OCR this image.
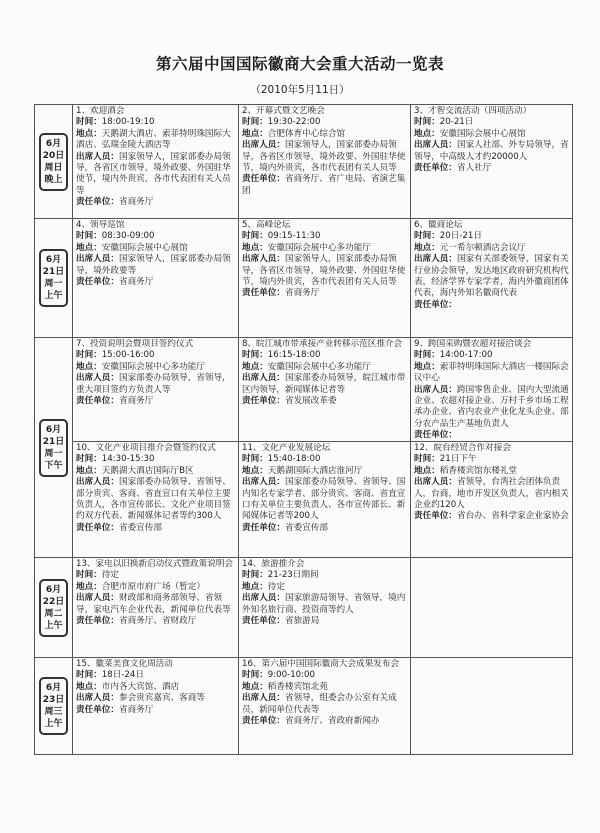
第六届中国国际徽商大会重大活动一览表
（2010年5月11日）
6月20日
周日
晚上	1、欢迎酒会
时间：18:00-19:10
地点：天鹅湖大酒店、索菲特明珠国际大酒店、弘瑞金陵大酒店等
出席人员：国家领导人，国家部委办局领导，各省区市领导，境外政要、外国驻华使节，境内外贵宾，各市代表团有关人员等
责任单位：省商务厅	2、开幕式暨文艺晚会
时间：19:30-22:00
地点：合肥体育中心综合馆
出席人员：国家领导人，国家部委办局领导，各省区市领导，境外政要、外国驻华使节，境内外贵宾，各市代表团有关人员等
责任单位：省商务厅、省广电局、省演艺集团	3、才智交流活动（四项活动）
时间：20-21日
地点：安徽国际会展中心展馆
出席人员：国家人社部、外专局领导，省领导，中高级人才约20000人
责任单位：省人社厅

6月21日
周一
上午	4、领导巡馆
时间：08:30-09:00
地点：安徽国际会展中心展馆
出席人员：国家领导人，国家部委办局领导，境外政要等
责任单位：省商务厅	5、高峰论坛
时间：09:15-11:30
地点：安徽国际会展中心多功能厅
出席人员：国家领导人，国家部委办局领导，各省区市领导，境外政要、外国驻华使节，境内外贵宾，各市代表团有关人员等
责任单位：省商务厅	6、徽商论坛
时间：20日-21日
地点：元一希尔顿酒店会议厅
出席人员：国家有关部委领导，国家有关行业协会领导，发达地区政府研究机构代表，经济学界专家学者，海内外徽商团体代表，海内外知名徽商代表
责任单位：

6月21日
周一
下午	7、投资说明会暨项目签约仪式
时间：15:00-16:00
地点：安徽国际会展中心多功能厅
出席人员：国家部委办局领导，省领导，重大项目签约方负责人等
责任单位：省商务厅	8、皖江城市带承接产业转移示范区推介会
时间：16:15-18:00
地点：安徽国际会展中心多功能厅
出席人员：国家部委办局领导，皖江城市带区内领导，新闻媒体记者等
责任单位：省发展改革委	9、跨国采购暨农超对接洽谈会
时间：14:00-17:00
地点：索菲特明珠国际大酒店一楼国际会议中心
出席人员：跨国零售企业、国内大型流通企业、农超对接企业、万村千乡市场工程承办企业、省内农业产业化龙头企业、部分农产品生产基地负责人
责任单位：

	10、文化产业项目推介会暨签约仪式
时间：14:30-15:30
地点：天鹅湖大酒店国际厅B区
出席人员：国家部委办局领导、省领导、部分贵宾、客商、省直宣口有关单位主要负责人，各市宣传部长、文化产业项目签约双方代表、新闻媒体记者等约300人
责任单位：省委宣传部	11、文化产业发展论坛
时间：15:40-18:00
地点：天鹅湖国际大酒店淮河厅
出席人员：国家部委办局领导、省领导、国内知名专家学者、部分贵宾、客商、省直宣口有关单位主要负责人、各市宣传部长、新闻媒体记者等200人
责任单位：省委宣传部	12、皖台经贸合作对接会
时间：21日下午
地点：稻香楼宾馆东楼礼堂
出席人员：省领导，台湾社会团体负责人，台商，地市开发区负责人，省内相关企业约120人
责任单位：省台办、省科学家企业家协会

6月22日
周二
上午	13、家电以旧换新启动仪式暨政策说明会
时间：待定
地点：合肥市原市府广场（暂定）
出席人员：财政部和商务部领导、省领导，家电汽车企业代表，新闻单位代表等
责任单位：省商务厅、省财政厅	14、旅游推介会
时间：21-23日期间
地点：待定
出席人员：国家旅游局领导、省领导，境内外知名旅行商、投资商等约人
责任单位：省旅游局	

6月23日
周三
上午	15、徽菜美食文化周活动
时间：18日-24日
地点：市内各大宾馆、酒店
出席人员：参会贵宾嘉宾、客商等
责任单位：省商务厅	16、第六届中国国际徽商大会成果发布会
时间：9:00-10:00
地点：稻香楼宾馆北苑
出席人员：省领导，组委会办公室有关成员，新闻单位代表等
责任单位：省商务厅、省政府新闻办	
